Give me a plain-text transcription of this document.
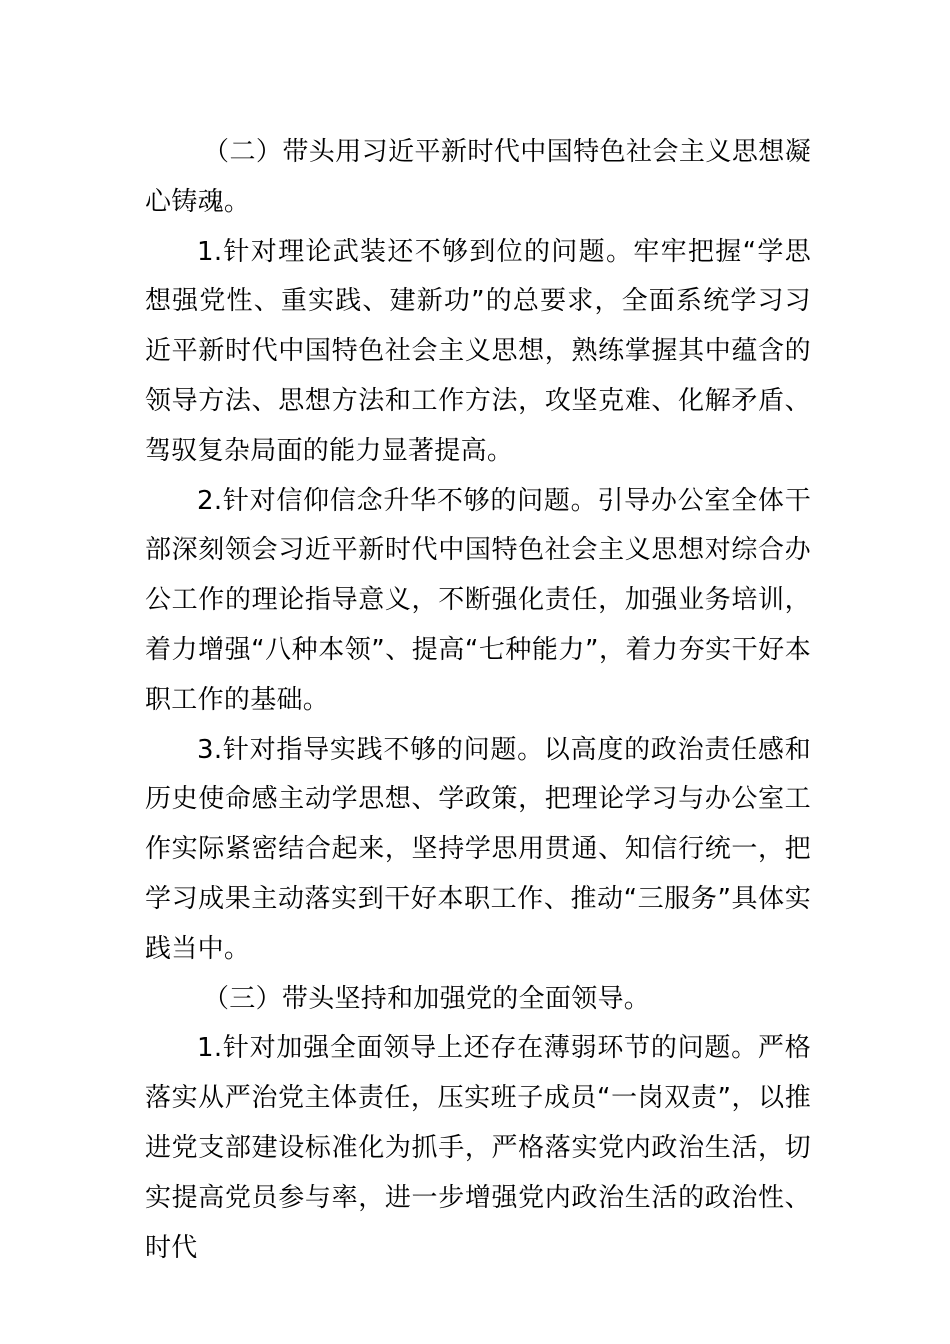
（二）带头用习近平新时代中国特色社会主义思想凝心铸魂。

1.针对理论武装还不够到位的问题。牢牢把握“学思想强党性、重实践、建新功”的总要求，全面系统学习习近平新时代中国特色社会主义思想，熟练掌握其中蕴含的领导方法、思想方法和工作方法，攻坚克难、化解矛盾、驾驭复杂局面的能力显著提高。

2.针对信仰信念升华不够的问题。引导办公室全体干部深刻领会习近平新时代中国特色社会主义思想对综合办公工作的理论指导意义，不断强化责任，加强业务培训，着力增强“八种本领”、提高“七种能力”，着力夯实干好本职工作的基础。

3.针对指导实践不够的问题。以高度的政治责任感和历史使命感主动学思想、学政策，把理论学习与办公室工作实际紧密结合起来，坚持学思用贯通、知信行统一，把学习成果主动落实到干好本职工作、推动“三服务”具体实践当中。

（三）带头坚持和加强党的全面领导。

1.针对加强全面领导上还存在薄弱环节的问题。严格落实从严治党主体责任，压实班子成员“一岗双责”，以推进党支部建设标准化为抓手，严格落实党内政治生活，切实提高党员参与率，进一步增强党内政治生活的政治性、时代
